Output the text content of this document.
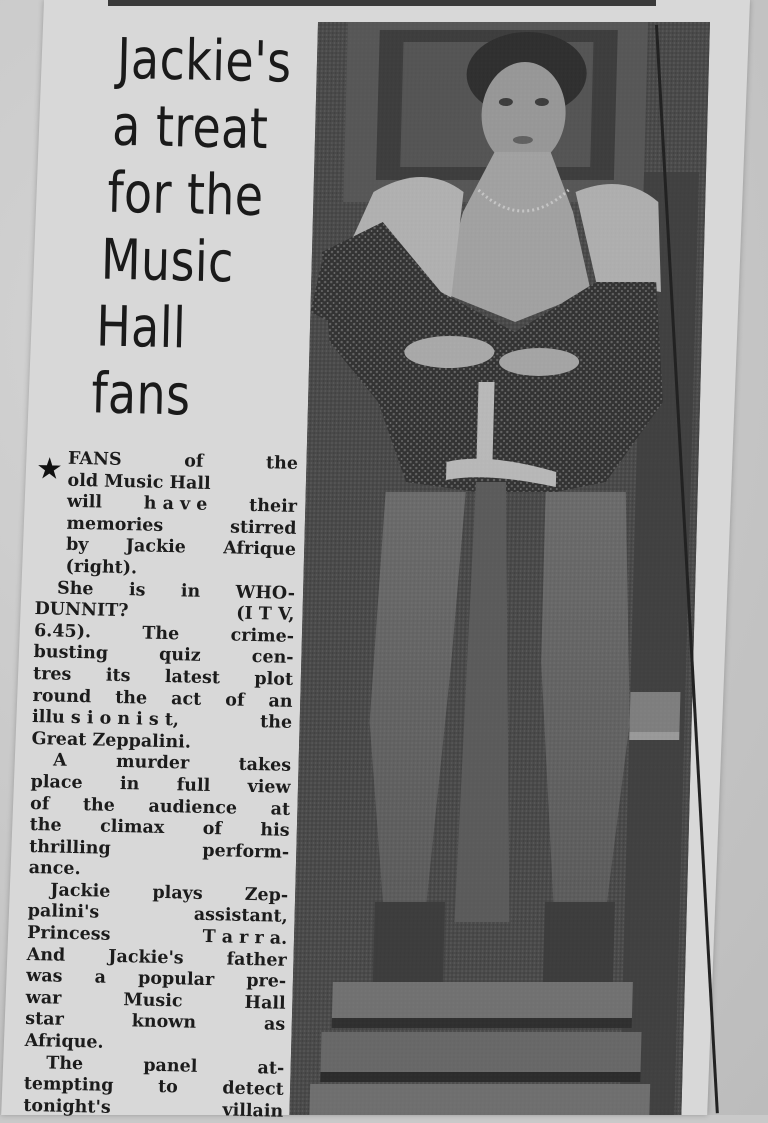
Jackie's
a treat
for the
Music
Hall
fans
★ FANS	of	the
old Music Hall
will h a v e their
memories	stirred
by Jackie Afrique
(right).
She is in WHO-
DUNNIT?	(I T V,
6.45).	The	crime-
busting	quiz	cen-
tres its latest plot
round the act of an
illu s i o n i s t,	the
Great Zeppalini.
A	murder	takes
place in full view
of the audience at
the climax of his
thrilling	perform-
ance.
Jackie plays Zep-
palini's	assistant,
Princess	T a r r a.
And Jackie's father
was a popular pre-
war	Music	Hall
star	known	as
Afrique.
The	panel	at-
tempting	to	detect
tonight's	villain
